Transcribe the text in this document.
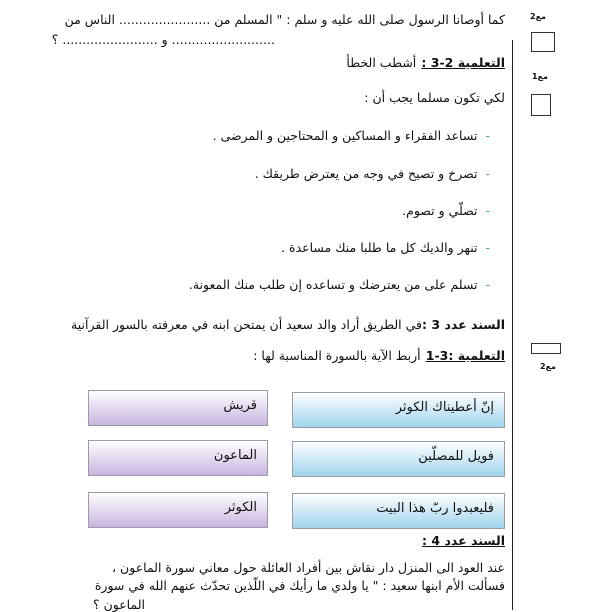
مع2
مع1
مع2
كما أوصانا الرسول صلى الله عليه و سلم : " المسلم من ....................... الناس من
.......................... و ........................ ؟
التعلمية 2-3 : أشطب الخطأ
لكي تكون مسلما يجب أن :
-تساعد الفقراء و المساكين و المحتاجين و المرضى .
-تصرخ و تصيح في وجه من يعترض طريقك .
-تصلّي و تصوم.
-تنهر والديك كل ما طلبا منك مساعدة .
-تسلم على من يعترضك و تساعده إن طلب منك المعونة.
السند عدد 3 :في الطريق أراد والد سعيد أن يمتحن ابنه في معرفته بالسور القرآنية
التعلمية :3-1 أربط الآية بالسورة المناسبة لها :
إنّ أعطيناك الكوثر
قريش
فويل للمصلّين
الماعون
فليعبدوا ربّ هذا البيت
الكوثر
السند عدد 4 :
عند العود الى المنزل دار نقاش بين أفراد العائلة حول معاني سورة الماعون ،
فسألت الأم ابنها سعيد : " يا ولدي ما رأيك في اللّذين تحدّث عنهم الله في سورة
الماعون ؟
